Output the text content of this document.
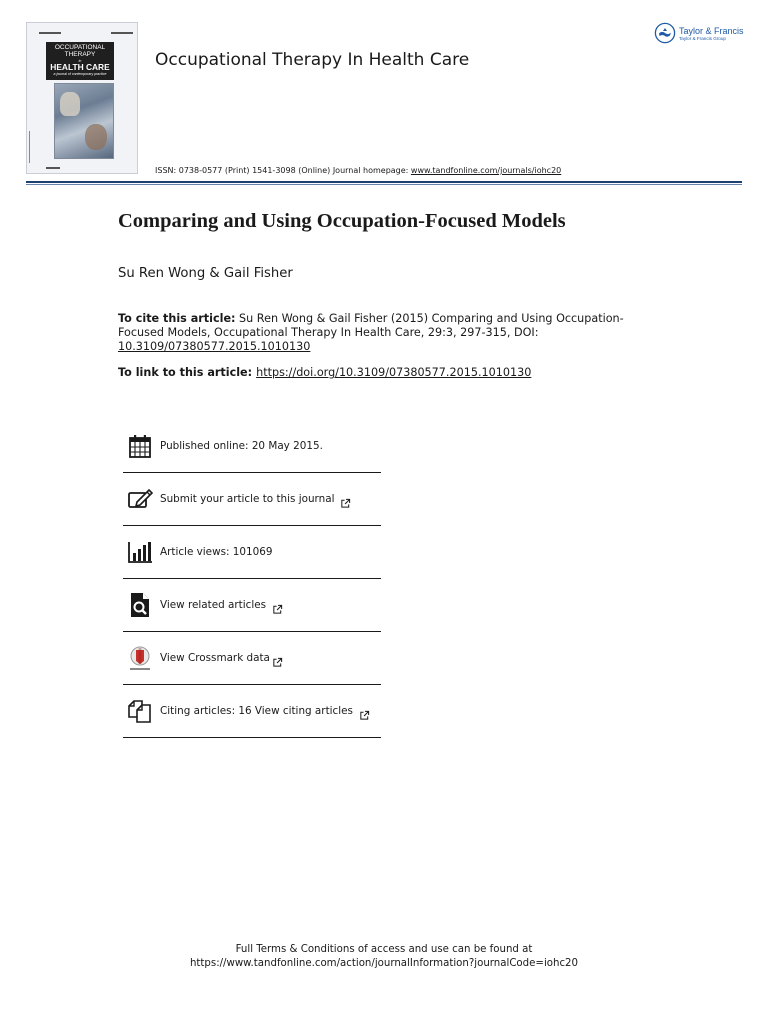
OCCUPATIONAL
THERAPY
in
HEALTH CARE
a journal of contemporary practice
Occupational Therapy In Health Care
ISSN: 0738-0577 (Print) 1541-3098 (Online) Journal homepage: www.tandfonline.com/journals/iohc20
Taylor & Francis
Taylor & Francis Group
Comparing and Using Occupation-Focused Models
Su Ren Wong & Gail Fisher
To cite this article: Su Ren Wong & Gail Fisher (2015) Comparing and Using Occupation-Focused Models, Occupational Therapy In Health Care, 29:3, 297-315, DOI: 10.3109/07380577.2015.1010130
To link to this article: https://doi.org/10.3109/07380577.2015.1010130
Published online: 20 May 2015.
Submit your article to this journal
Article views: 101069
View related articles
View Crossmark data
Citing articles: 16 View citing articles
Full Terms & Conditions of access and use can be found at
https://www.tandfonline.com/action/journalInformation?journalCode=iohc20
